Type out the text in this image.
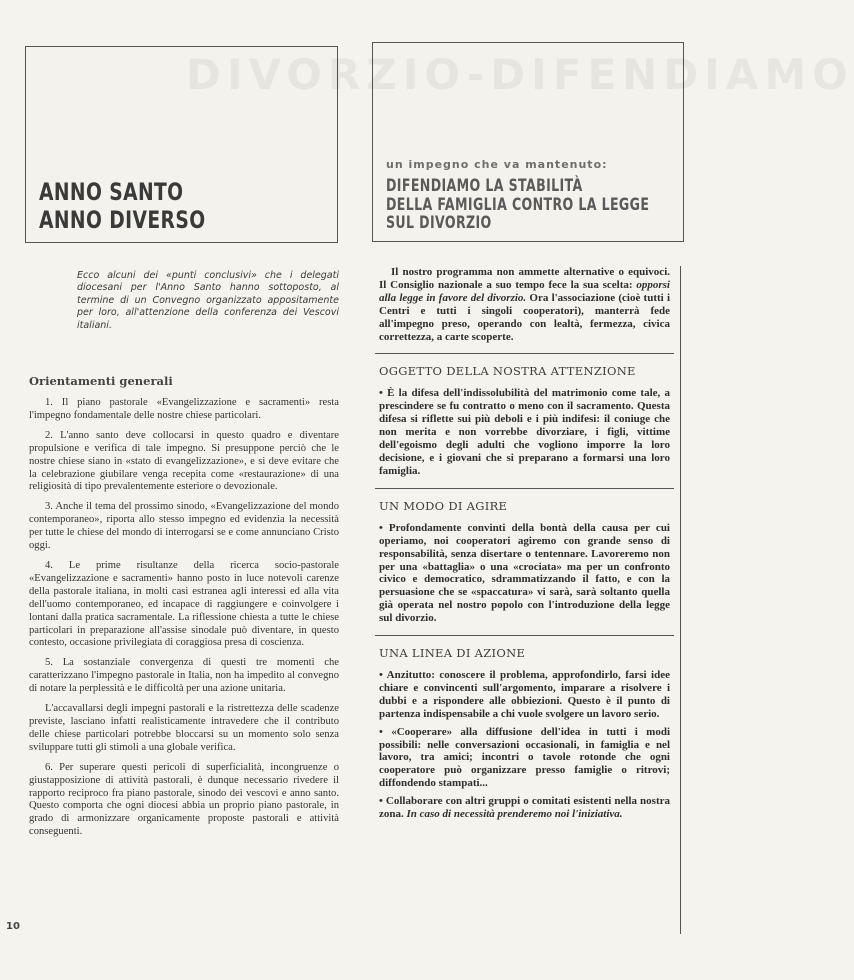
ANNO SANTO
ANNO DIVERSO
un impegno che va mantenuto:
DIFENDIAMO LA STABILITÀ
DELLA FAMIGLIA CONTRO LA LEGGE
SUL DIVORZIO
DIVORZIO-DIFENDIAMO
Ecco alcuni dei «punti conclusivi» che i delegati diocesani per l'Anno Santo hanno sottoposto, al termine di un Convegno organizzato appositamente per loro, all'attenzione della conferenza dei Vescovi italiani.
Orientamenti generali

1. Il piano pastorale «Evangelizzazione e sacramenti» resta l'impegno fondamentale delle nostre chiese particolari.

2. L'anno santo deve collocarsi in questo quadro e diventare propulsione e verifica di tale impegno. Si presuppone perciò che le nostre chiese siano in «stato di evangelizzazione», e si deve evitare che la celebrazione giubilare venga recepita come «restaurazione» di una religiosità di tipo prevalentemente esteriore o devozionale.

3. Anche il tema del prossimo sinodo, «Evangelizzazione del mondo contemporaneo», riporta allo stesso impegno ed evidenzia la necessità per tutte le chiese del mondo di interrogarsi se e come annunciano Cristo oggi.

4. Le prime risultanze della ricerca socio-pastorale «Evangelizzazione e sacramenti» hanno posto in luce notevoli carenze della pastorale italiana, in molti casi estranea agli interessi ed alla vita dell'uomo contemporaneo, ed incapace di raggiungere e coinvolgere i lontani dalla pratica sacramentale. La riflessione chiesta a tutte le chiese particolari in preparazione all'assise sinodale può diventare, in questo contesto, occasione privilegiata di coraggiosa presa di coscienza.

5. La sostanziale convergenza di questi tre momenti che caratterizzano l'impegno pastorale in Italia, non ha impedito al convegno di notare la perplessità e le difficoltà per una azione unitaria.

L'accavallarsi degli impegni pastorali e la ristrettezza delle scadenze previste, lasciano infatti realisticamente intravedere che il contributo delle chiese particolari potrebbe bloccarsi su un momento solo senza sviluppare tutti gli stimoli a una globale verifica.

6. Per superare questi pericoli di superficialità, incongruenze o giustapposizione di attività pastorali, è dunque necessario rivedere il rapporto reciproco fra piano pastorale, sinodo dei vescovi e anno santo. Questo comporta che ogni diocesi abbia un proprio piano pastorale, in grado di armonizzare organicamente proposte pastorali e attività conseguenti.

10

Il nostro programma non ammette alternative o equivoci. Il Consiglio nazionale a suo tempo fece la sua scelta: opporsi alla legge in favore del divorzio. Ora l'associazione (cioè tutti i Centri e tutti i singoli cooperatori), manterrà fede all'impegno preso, operando con lealtà, fermezza, civica correttezza, a carte scoperte.

OGGETTO DELLA NOSTRA ATTENZIONE

• È la difesa dell'indissolubilità del matrimonio come tale, a prescindere se fu contratto o meno con il sacramento. Questa difesa si riflette sui più deboli e i più indifesi: il coniuge che non merita e non vorrebbe divorziare, i figli, vittime dell'egoismo degli adulti che vogliono imporre la loro decisione, e i giovani che si preparano a formarsi una loro famiglia.

UN MODO DI AGIRE

• Profondamente convinti della bontà della causa per cui operiamo, noi cooperatori agiremo con grande senso di responsabilità, senza disertare o tentennare. Lavoreremo non per una «battaglia» o una «crociata» ma per un confronto civico e democratico, sdrammatizzando il fatto, e con la persuasione che se «spaccatura» vi sarà, sarà soltanto quella già operata nel nostro popolo con l'introduzione della legge sul divorzio.

UNA LINEA DI AZIONE

• Anzitutto: conoscere il problema, approfondirlo, farsi idee chiare e convincenti sull'argomento, imparare a risolvere i dubbi e a rispondere alle obbiezioni. Questo è il punto di partenza indispensabile a chi vuole svolgere un lavoro serio.

• «Cooperare» alla diffusione dell'idea in tutti i modi possibili: nelle conversazioni occasionali, in famiglia e nel lavoro, tra amici; incontri o tavole rotonde che ogni cooperatore può organizzare presso famiglie o ritrovi; diffondendo stampati...

• Collaborare con altri gruppi o comitati esistenti nella nostra zona. In caso di necessità prenderemo noi l'iniziativa.
